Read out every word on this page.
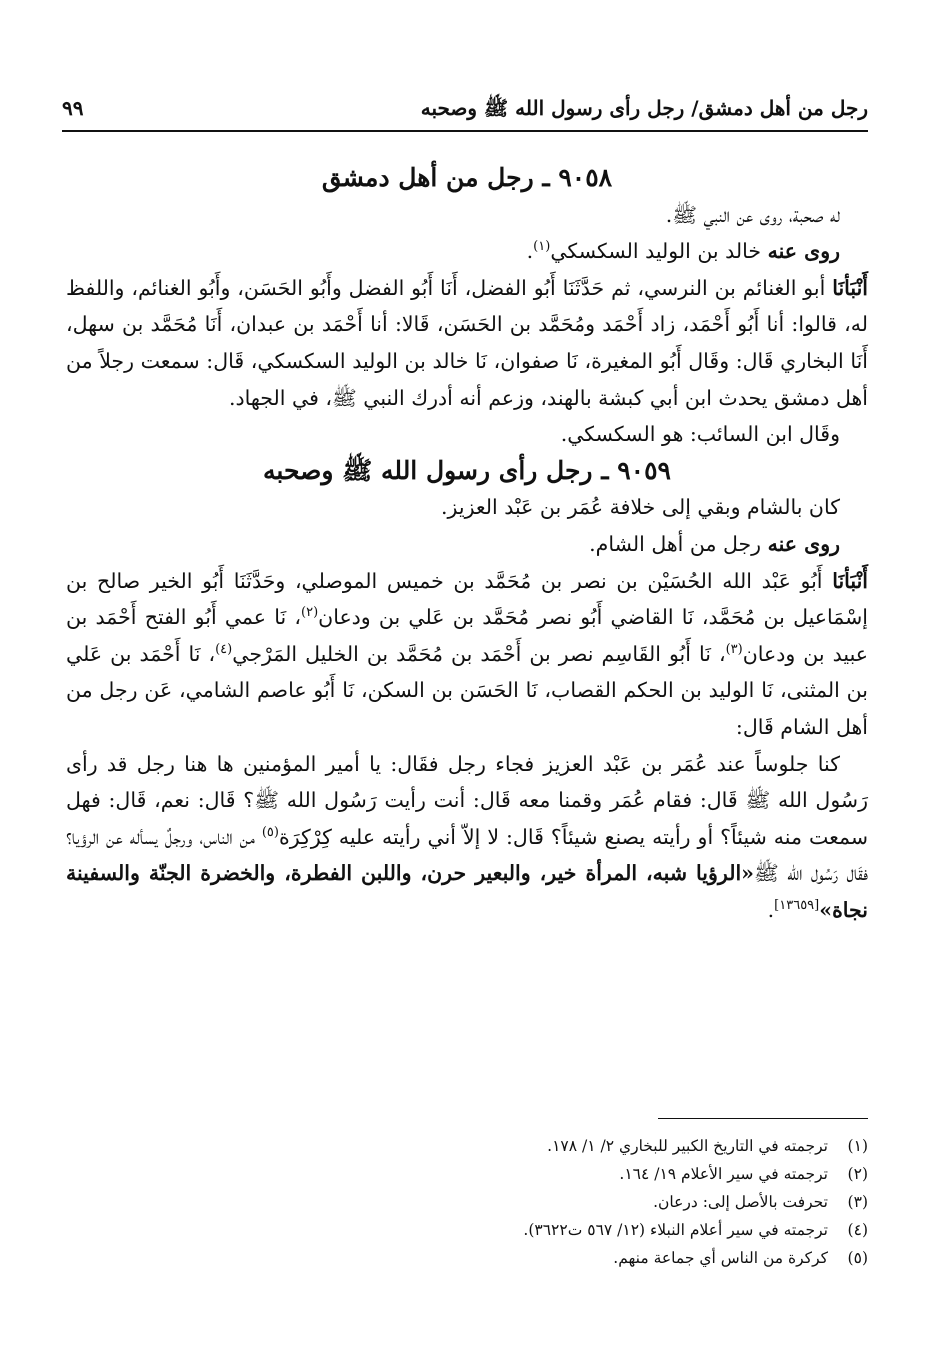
رجل من أهل دمشق/ رجل رأى رسول الله ﷺ وصحبه
٩٩

٩٠٥٨ ـ رجل من أهل دمشق

له صحبة، روى عن النبي ﷺ.

روى عنه خالد بن الوليد السكسكي$^{(١)}$.

أَنْبَأنَا أبو الغنائم بن النرسي، ثم حَدَّثَنَا أَبُو الفضل، أَنَا أَبُو الفضل وأَبُو الحَسَن، وأَبُو الغنائم، واللفظ له، قالوا: أنا أَبُو أَحْمَد، زاد أَحْمَد ومُحَمَّد بن الحَسَن، قَالا: أنا أَحْمَد بن عبدان، أَنَا مُحَمَّد بن سهل، أَنَا البخاري قَال: وقَال أَبُو المغيرة، نَا صفوان، نَا خالد بن الوليد السكسكي، قَال: سمعت رجلاً من أهل دمشق يحدث ابن أبي كبشة بالهند، وزعم أنه أدرك النبي ﷺ، في الجهاد.

وقَال ابن السائب: هو السكسكي.

٩٠٥٩ ـ رجل رأى رسول الله ﷺ وصحبه

كان بالشام وبقي إلى خلافة عُمَر بن عَبْد العزيز.

روى عنه رجل من أهل الشام.

أَنْبَأنَا أَبُو عَبْد الله الحُسَيْن بن نصر بن مُحَمَّد بن خميس الموصلي، وحَدَّثَنَا أَبُو الخير صالح بن إسْمَاعيل بن مُحَمَّد، نَا القاضي أَبُو نصر مُحَمَّد بن عَلي بن ودعان$^{(٢)}$، نَا عمي أَبُو الفتح أَحْمَد بن عبيد بن ودعان$^{(٣)}$، نَا أَبُو القَاسِم نصر بن أَحْمَد بن مُحَمَّد بن الخليل المَرْجي$^{(٤)}$، نَا أَحْمَد بن عَلي بن المثنى، نَا الوليد بن الحكم القصاب، نَا الحَسَن بن السكن، نَا أَبُو عاصم الشامي، عَن رجل من أهل الشام قَال:

كنا جلوساً عند عُمَر بن عَبْد العزيز فجاء رجل فقَال: يا أمير المؤمنين ها هنا رجل قد رأى رَسُول الله ﷺ قَال: فقام عُمَر وقمنا معه قَال: أنت رأيت رَسُول الله ﷺ؟ قَال: نعم، قَال: فهل سمعت منه شيئاً؟ أو رأيته يصنع شيئاً؟ قَال: لا إلاّ أني رأيته عليه كِرْكِرَة$^{(٥)}$ من الناس، ورجلٌ يسأله عن الرؤيا؟ فقَال رَسُول الله ﷺ«الرؤيا شبه، المرأة خير، والبعير حرن، واللبن الفطرة، والخضرة الجنّة والسفينة نجاة»[١٣٦٥٩].

(١)
ترجمته في التاريخ الكبير للبخاري ٢/ ١/ ١٧٨.
(٢)
ترجمته في سير الأعلام ١٩/ ١٦٤.
(٣)
تحرفت بالأصل إلى: درعان.
(٤)
ترجمته في سير أعلام النبلاء (١٢/ ٥٦٧ ت٣٦٢٢).
(٥)
كركرة من الناس أي جماعة منهم.
